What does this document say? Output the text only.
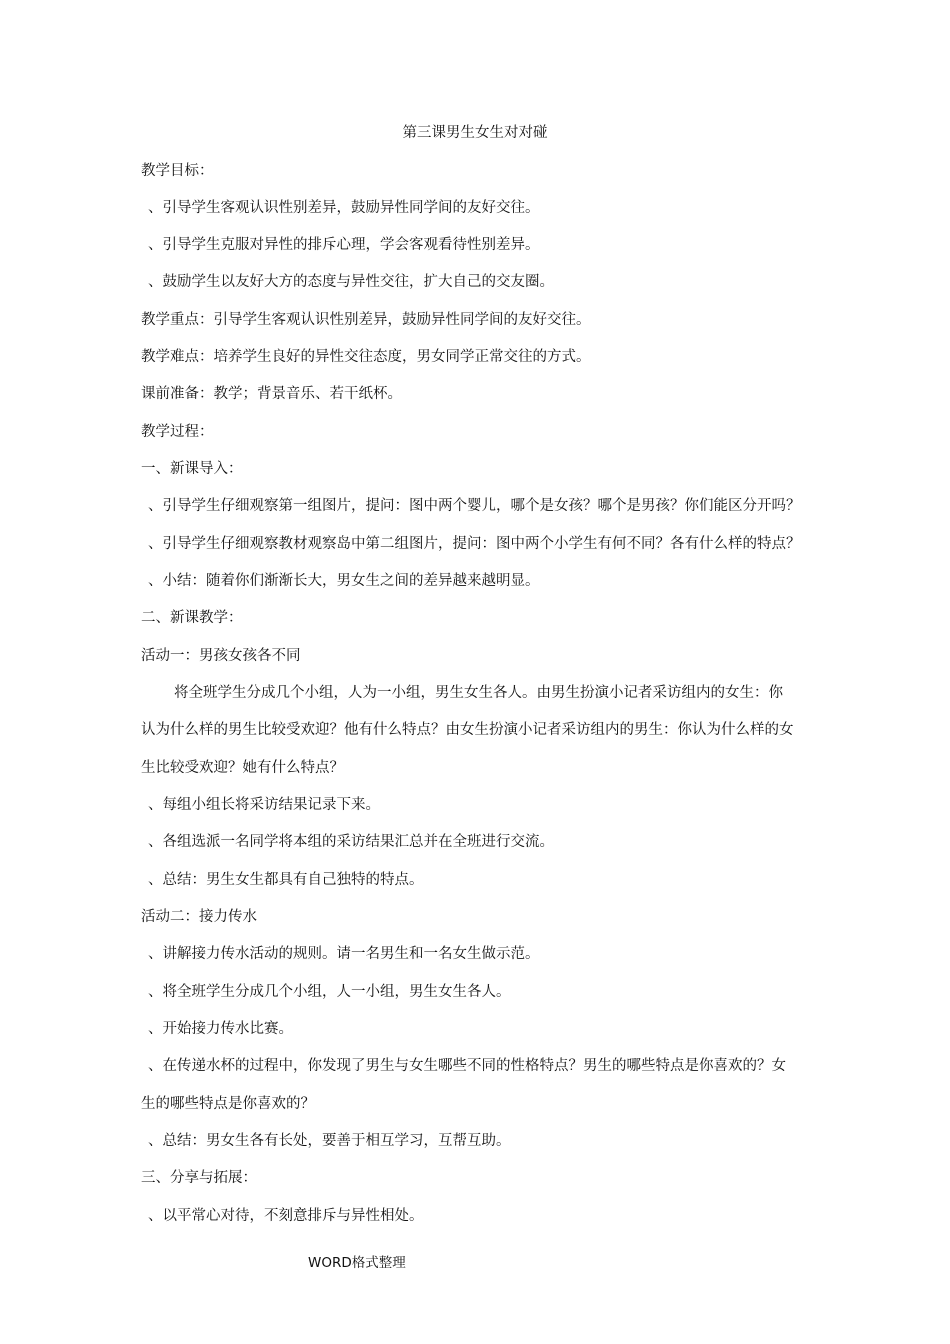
第三课男生女生对对碰
教学目标：
、引导学生客观认识性别差异，鼓励异性同学间的友好交往。
、引导学生克服对异性的排斥心理，学会客观看待性别差异。
、鼓励学生以友好大方的态度与异性交往，扩大自己的交友圈。
教学重点：引导学生客观认识性别差异，鼓励异性同学间的友好交往。
教学难点：培养学生良好的异性交往态度，男女同学正常交往的方式。
课前准备：教学；背景音乐、若干纸杯。
教学过程：
一、新课导入：
、引导学生仔细观察第一组图片，提问：图中两个婴儿，哪个是女孩？哪个是男孩？你们能区分开吗？
、引导学生仔细观察教材观察岛中第二组图片，提问：图中两个小学生有何不同？各有什么样的特点？
、小结：随着你们渐渐长大，男女生之间的差异越来越明显。
二、新课教学：
活动一：男孩女孩各不同
将全班学生分成几个小组，人为一小组，男生女生各人。由男生扮演小记者采访组内的女生：你
认为什么样的男生比较受欢迎？他有什么特点？由女生扮演小记者采访组内的男生：你认为什么样的女
生比较受欢迎？她有什么特点？
、每组小组长将采访结果记录下来。
、各组选派一名同学将本组的采访结果汇总并在全班进行交流。
、总结：男生女生都具有自己独特的特点。
活动二：接力传水
、讲解接力传水活动的规则。请一名男生和一名女生做示范。
、将全班学生分成几个小组，人一小组，男生女生各人。
、开始接力传水比赛。
、在传递水杯的过程中，你发现了男生与女生哪些不同的性格特点？男生的哪些特点是你喜欢的？女
生的哪些特点是你喜欢的？
、总结：男女生各有长处，要善于相互学习，互帮互助。
三、分享与拓展：
、以平常心对待，不刻意排斥与异性相处。
WORD格式整理
